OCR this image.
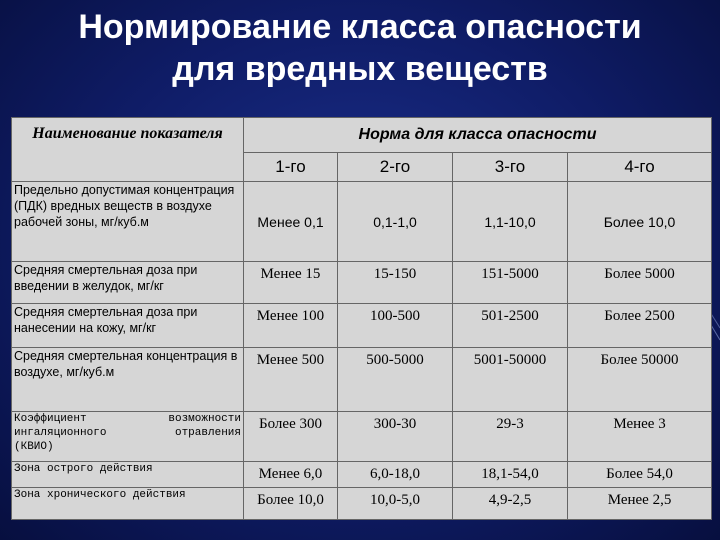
Нормирование класса опасности
для вредных веществ
Наименование показателя	Норма для класса опасности			
	1-го	2-го	3-го	4-го
Предельно допустимая концентрация (ПДК) вредных веществ в воздухе рабочей зоны, мг/куб.м	Менее 0,1	0,1-1,0	1,1-10,0	Более 10,0
Средняя смертельная доза при введении в желудок, мг/кг	Менее 15	15-150	151-5000	Более 5000
Средняя смертельная доза при нанесении на кожу, мг/кг	Менее 100	100-500	501-2500	Более 2500
Средняя смертельная концентрация в воздухе, мг/куб.м	Менее 500	500-5000	5001-50000	Более 50000

Коэффициент возможности
ингаляционного отравления
(КВИО)	Более 300	300-30	29-3	Менее 3
Зона острого действия	Менее 6,0	6,0-18,0	18,1-54,0	Более 54,0
Зона хронического действия	Более 10,0	10,0-5,0	4,9-2,5	Менее 2,5
